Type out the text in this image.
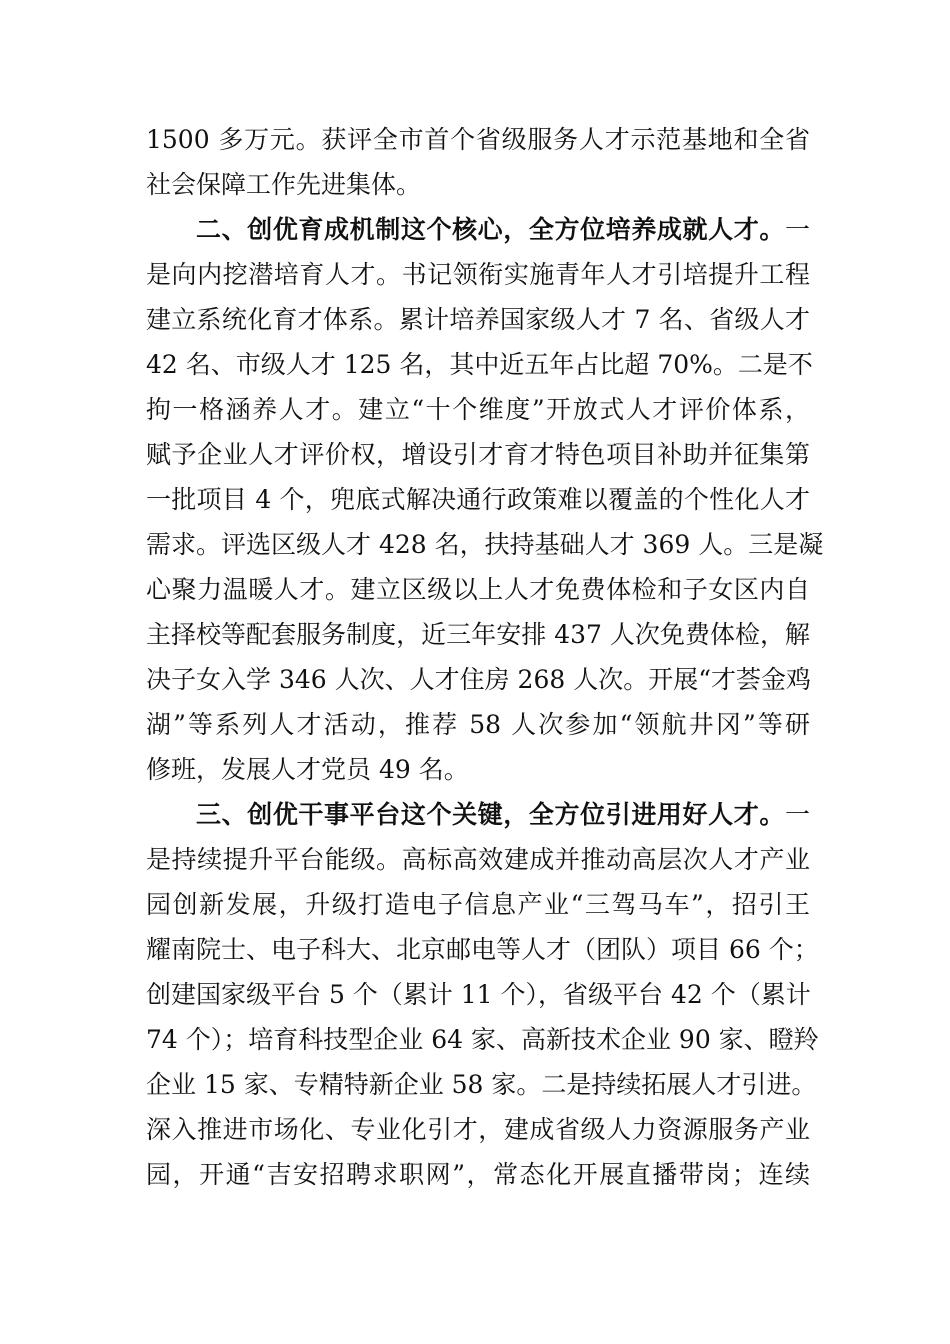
1500 多万元。获评全市首个省级服务人才示范基地和全省
社会保障工作先进集体。
二、创优育成机制这个核心，全方位培养成就人才。一
是向内挖潜培育人才。书记领衔实施青年人才引培提升工程
建立系统化育才体系。累计培养国家级人才 7 名、省级人才
42 名、市级人才 125 名，其中近五年占比超 70%。二是不
拘一格涵养人才。建立“十个维度”开放式人才评价体系，
赋予企业人才评价权，增设引才育才特色项目补助并征集第
一批项目 4 个，兜底式解决通行政策难以覆盖的个性化人才
需求。评选区级人才 428 名，扶持基础人才 369 人。三是凝
心聚力温暖人才。建立区级以上人才免费体检和子女区内自
主择校等配套服务制度，近三年安排 437 人次免费体检，解
决子女入学 346 人次、人才住房 268 人次。开展“才荟金鸡
湖”等系列人才活动，推荐 58 人次参加“领航井冈”等研
修班，发展人才党员 49 名。
三、创优干事平台这个关键，全方位引进用好人才。一
是持续提升平台能级。高标高效建成并推动高层次人才产业
园创新发展，升级打造电子信息产业“三驾马车”，招引王
耀南院士、电子科大、北京邮电等人才（团队）项目 66 个；
创建国家级平台 5 个（累计 11 个），省级平台 42 个（累计
74 个）；培育科技型企业 64 家、高新技术企业 90 家、瞪羚
企业 15 家、专精特新企业 58 家。二是持续拓展人才引进。
深入推进市场化、专业化引才，建成省级人力资源服务产业
园，开通“吉安招聘求职网”，常态化开展直播带岗；连续
